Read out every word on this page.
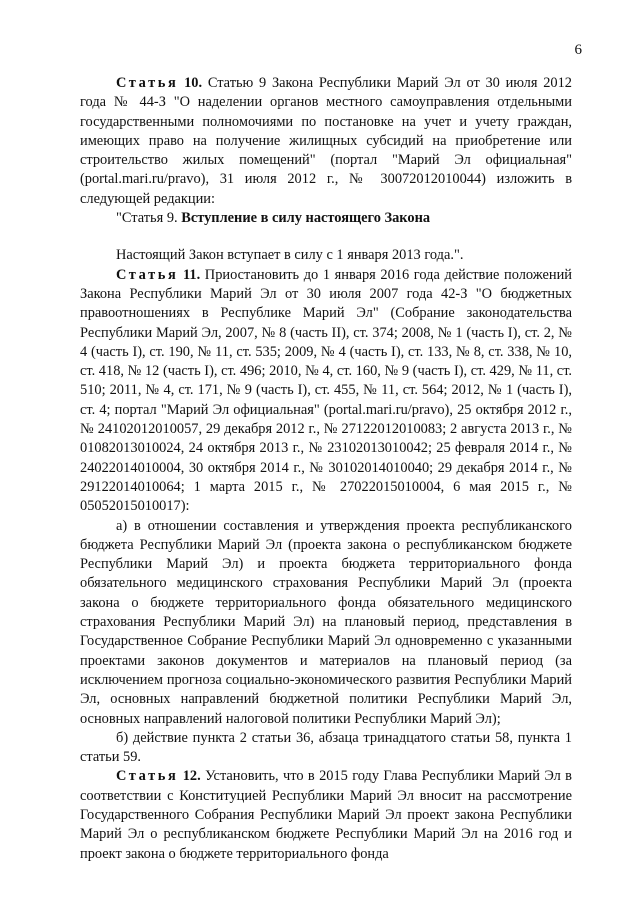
6

Статья 10. Статью 9 Закона Республики Марий Эл от 30 июля 2012 года № 44-З "О наделении органов местного самоуправления отдельными государственными полномочиями по постановке на учет и учету граждан, имеющих право на получение жилищных субсидий на приобретение или строительство жилых помещений" (портал "Марий Эл официальная" (portal.mari.ru/pravo), 31 июля 2012 г., № 30072012010044) изложить в следующей редакции:

"Статья 9. Вступление в силу настоящего Закона

Настоящий Закон вступает в силу с 1 января 2013 года.".

Статья 11. Приостановить до 1 января 2016 года действие положений Закона Республики Марий Эл от 30 июля 2007 года 42-З "О бюджетных правоотношениях в Республике Марий Эл" (Собрание законодательства Республики Марий Эл, 2007, № 8 (часть II), ст. 374; 2008, № 1 (часть I), ст. 2, № 4 (часть I), ст. 190, № 11, ст. 535; 2009, № 4 (часть I), ст. 133, № 8, ст. 338, № 10, ст. 418, № 12 (часть I), ст. 496; 2010, № 4, ст. 160, № 9 (часть I), ст. 429, № 11, ст. 510; 2011, № 4, ст. 171, № 9 (часть I), ст. 455, № 11, ст. 564; 2012, № 1 (часть I), ст. 4; портал "Марий Эл официальная" (portal.mari.ru/pravo), 25 октября 2012 г., № 24102012010057, 29 декабря 2012 г., № 27122012010083; 2 августа 2013 г., № 01082013010024, 24 октября 2013 г., № 23102013010042; 25 февраля 2014 г., № 24022014010004, 30 октября 2014 г., № 30102014010040; 29 декабря 2014 г., № 29122014010064; 1 марта 2015 г., № 27022015010004, 6 мая 2015 г., № 05052015010017):

а) в отношении составления и утверждения проекта республиканского бюджета Республики Марий Эл (проекта закона о республиканском бюджете Республики Марий Эл) и проекта бюджета территориального фонда обязательного медицинского страхования Республики Марий Эл (проекта закона о бюджете территориального фонда обязательного медицинского страхования Республики Марий Эл) на плановый период, представления в Государственное Собрание Республики Марий Эл одновременно с указанными проектами законов документов и материалов на плановый период (за исключением прогноза социально-экономического развития Республики Марий Эл, основных направлений бюджетной политики Республики Марий Эл, основных направлений налоговой политики Республики Марий Эл);

б) действие пункта 2 статьи 36, абзаца тринадцатого статьи 58, пункта 1 статьи 59.

Статья 12. Установить, что в 2015 году Глава Республики Марий Эл в соответствии с Конституцией Республики Марий Эл вносит на рассмотрение Государственного Собрания Республики Марий Эл проект закона Республики Марий Эл о республиканском бюджете Республики Марий Эл на 2016 год и проект закона о бюджете территориального фонда
